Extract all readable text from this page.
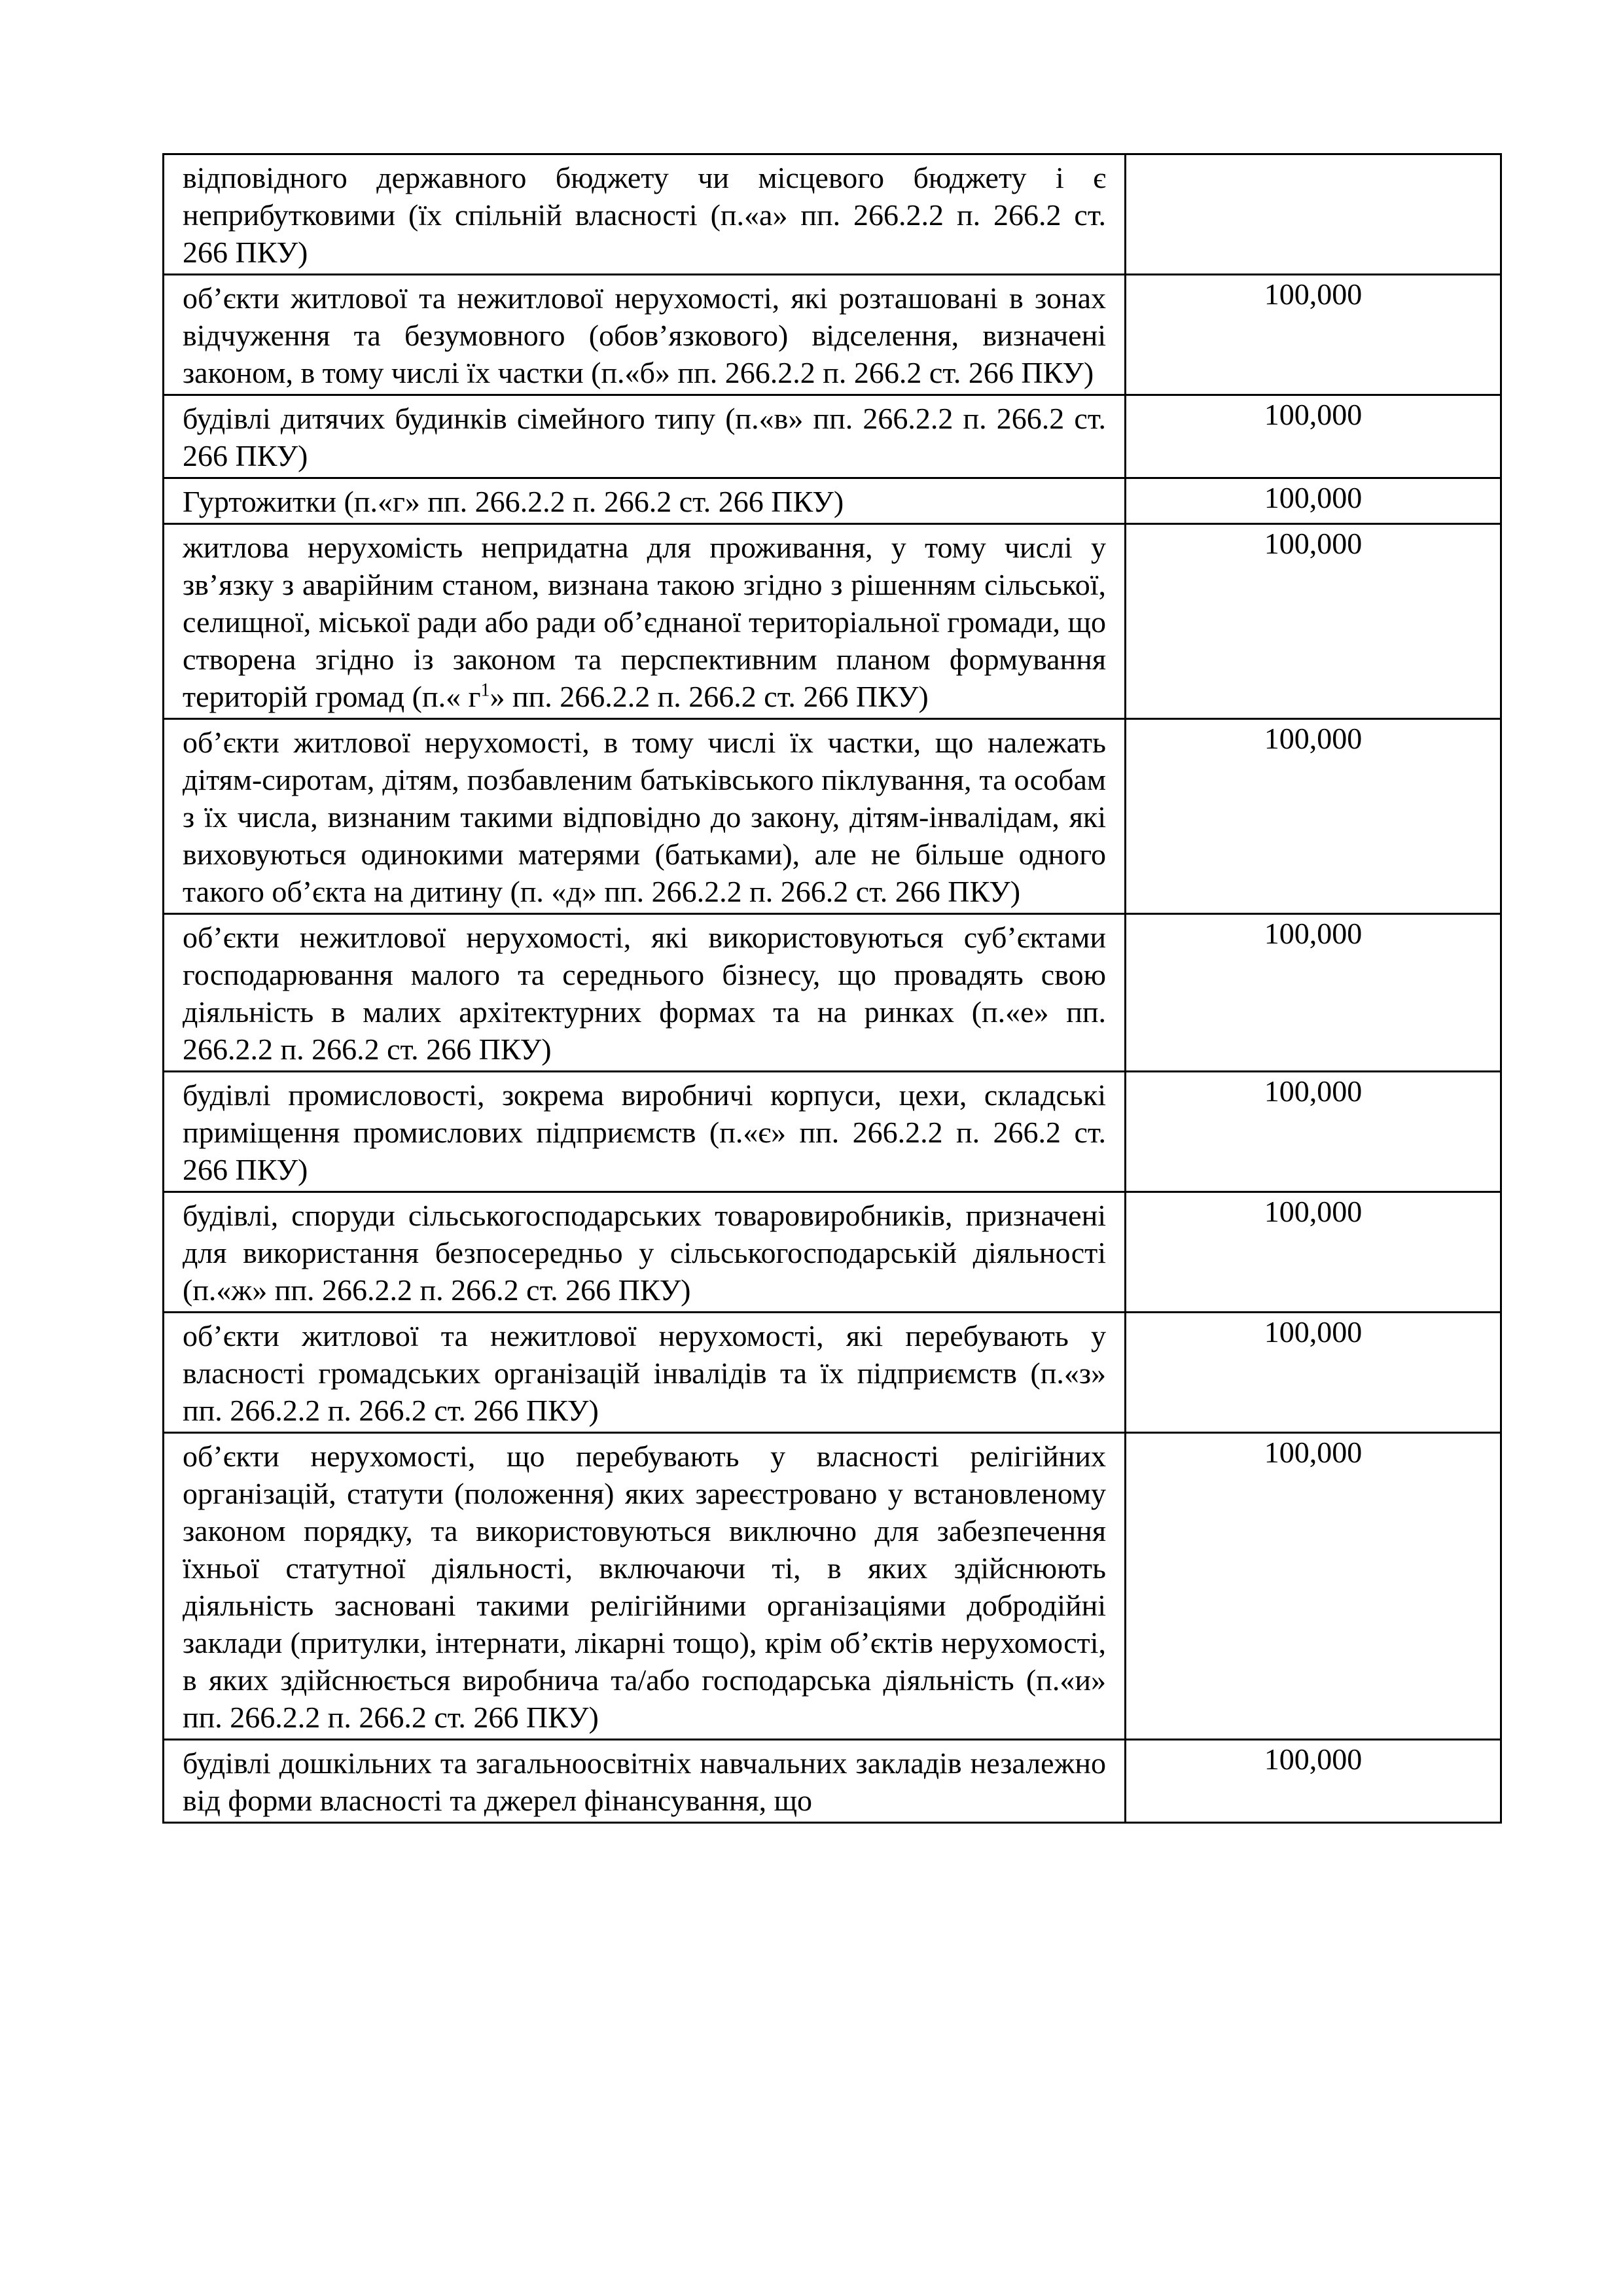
відповідного державного бюджету чи місцевого бюджету і є неприбутковими (їх спільній власності (п.«а» пп. 266.2.2 п. 266.2 ст. 266 ПКУ)	
об’єкти житлової та нежитлової нерухомості, які розташовані в зонах відчуження та безумовного (обов’язкового) відселення, визначені законом, в тому числі їх частки (п.«б» пп. 266.2.2 п. 266.2 ст. 266 ПКУ)	100,000
будівлі дитячих будинків сімейного типу (п.«в» пп. 266.2.2 п. 266.2 ст. 266 ПКУ)	100,000
Гуртожитки (п.«г» пп. 266.2.2 п. 266.2 ст. 266 ПКУ)	100,000
житлова нерухомість непридатна для проживання, у тому числі у зв’язку з аварійним станом, визнана такою згідно з рішенням сільської, селищної, міської ради або ради об’єднаної територіальної громади, що створена згідно із законом та перспективним планом формування територій громад (п.« $г^1$» пп. 266.2.2 п. 266.2 ст. 266 ПКУ)	100,000
об’єкти житлової нерухомості, в тому числі їх частки, що належать дітям-сиротам, дітям, позбавленим батьківського піклування, та особам з їх числа, визнаним такими відповідно до закону, дітям-інвалідам, які виховуються одинокими матерями (батьками), але не більше одного такого об’єкта на дитину (п. «д» пп. 266.2.2 п. 266.2 ст. 266 ПКУ)	100,000
об’єкти нежитлової нерухомості, які використовуються суб’єктами господарювання малого та середнього бізнесу, що провадять свою діяльність в малих архітектурних формах та на ринках (п.«е» пп. 266.2.2 п. 266.2 ст. 266 ПКУ)	100,000
будівлі промисловості, зокрема виробничі корпуси, цехи, складські приміщення промислових підприємств (п.«є» пп. 266.2.2 п. 266.2 ст. 266 ПКУ)	100,000
будівлі, споруди сільськогосподарських товаровиробників, призначені для використання безпосередньо у сільськогосподарській діяльності (п.«ж» пп. 266.2.2 п. 266.2 ст. 266 ПКУ)	100,000
об’єкти житлової та нежитлової нерухомості, які перебувають у власності громадських організацій інвалідів та їх підприємств (п.«з» пп. 266.2.2 п. 266.2 ст. 266 ПКУ)	100,000
об’єкти нерухомості, що перебувають у власності релігійних організацій, статути (положення) яких зареєстровано у встановленому законом порядку, та використовуються виключно для забезпечення їхньої статутної діяльності, включаючи ті, в яких здійснюють діяльність засновані такими релігійними організаціями добродійні заклади (притулки, інтернати, лікарні тощо), крім об’єктів нерухомості, в яких здійснюється виробнича та/або господарська діяльність (п.«и» пп. 266.2.2 п. 266.2 ст. 266 ПКУ)	100,000
будівлі дошкільних та загальноосвітніх навчальних закладів незалежно від форми власності та джерел фінансування, що	100,000
